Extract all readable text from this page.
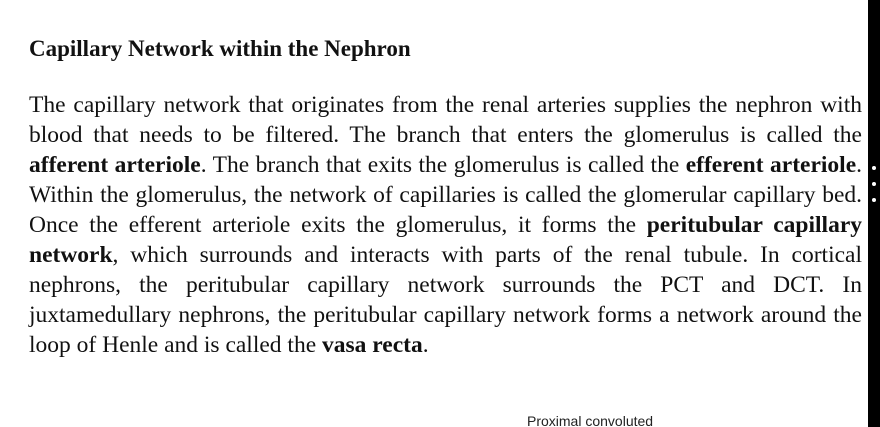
Capillary Network within the Nephron

The capillary network that originates from the renal arteries supplies the nephron with blood that needs to be filtered. The branch that enters the glomerulus is called the afferent arteriole. The branch that exits the glomerulus is called the efferent arteriole. Within the glomerulus, the network of capillaries is called the glomerular capillary bed. Once the efferent arteriole exits the glomerulus, it forms the peritubular capillary network, which surrounds and interacts with parts of the renal tubule. In cortical nephrons, the peritubular capillary network surrounds the PCT and DCT. In juxtamedullary nephrons, the peritubular capillary network forms a network around the loop of Henle and is called the vasa recta.

Proximal convoluted
